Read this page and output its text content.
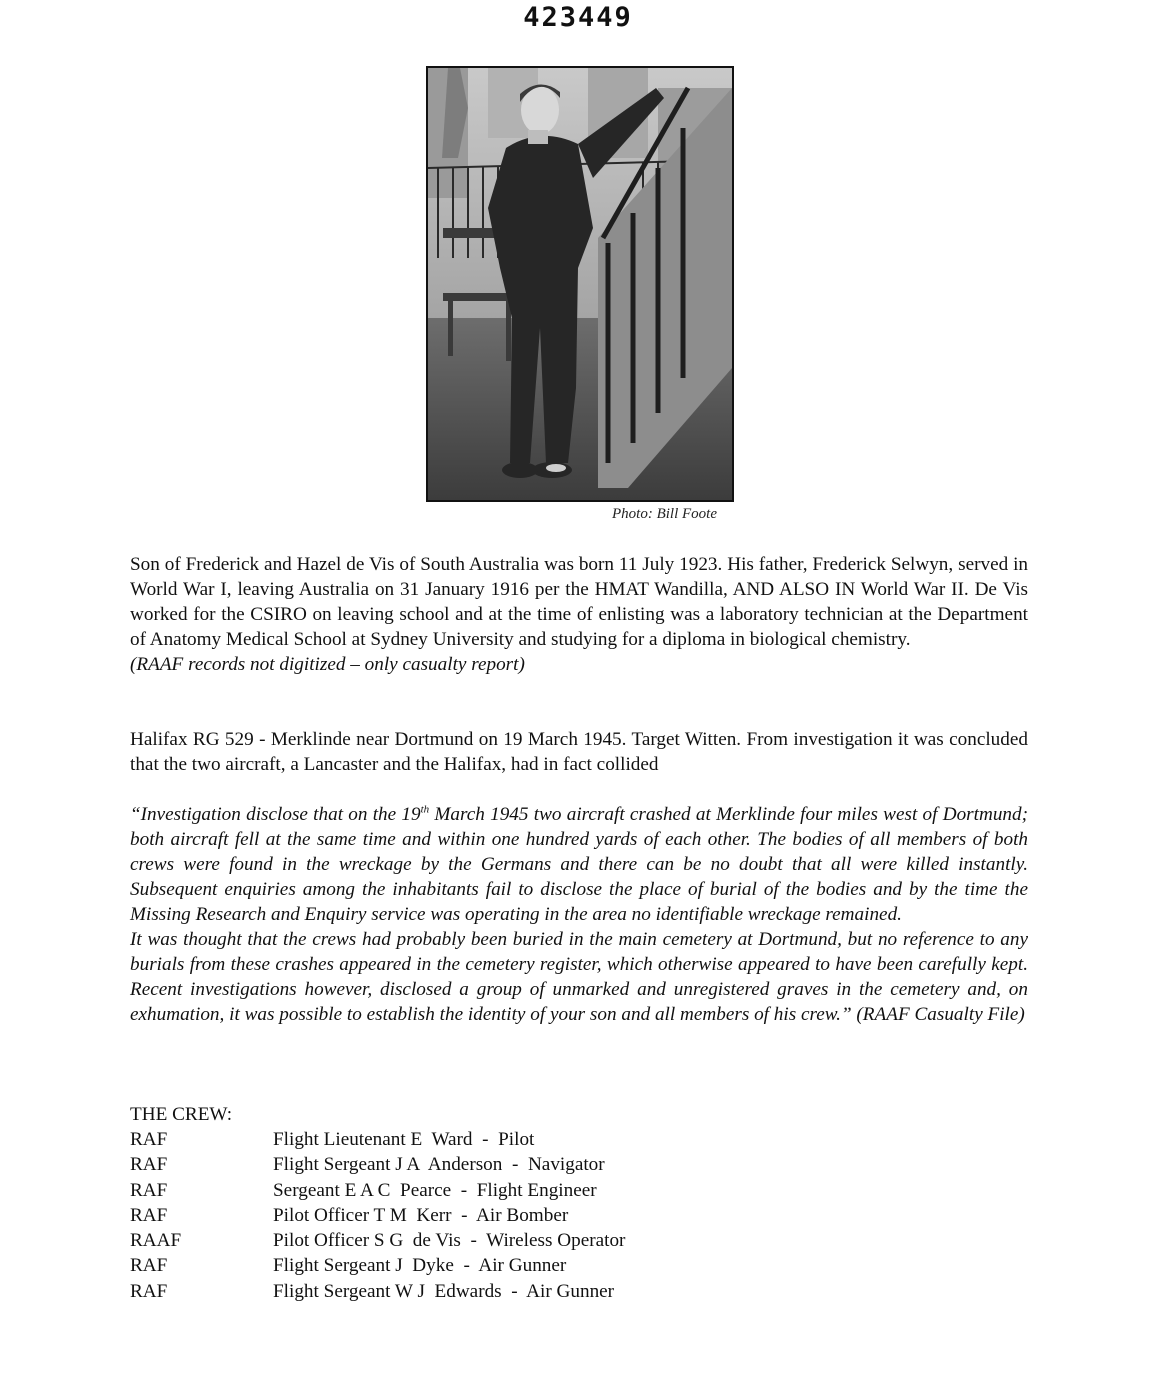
423449
Photo: Bill Foote

Son of Frederick and Hazel de Vis of South Australia was born 11 July 1923. His father, Frederick Selwyn, served in World War I, leaving Australia on 31 January 1916 per the HMAT Wandilla, AND ALSO IN World War II. De Vis worked for the CSIRO on leaving school and at the time of enlisting was a laboratory technician at the Department of Anatomy Medical School at Sydney University and studying for a diploma in biological chemistry.

(RAAF records not digitized – only casualty report)

Halifax RG 529 - Merklinde near Dortmund on 19 March 1945. Target Witten. From investigation it was concluded that the two aircraft, a Lancaster and the Halifax, had in fact collided

“Investigation disclose that on the 19th March 1945 two aircraft crashed at Merklinde four miles west of Dortmund; both aircraft fell at the same time and within one hundred yards of each other. The bodies of all members of both crews were found in the wreckage by the Germans and there can be no doubt that all were killed instantly. Subsequent enquiries among the inhabitants fail to disclose the place of burial of the bodies and by the time the Missing Research and Enquiry service was operating in the area no identifiable wreckage remained.

It was thought that the crews had probably been buried in the main cemetery at Dortmund, but no reference to any burials from these crashes appeared in the cemetery register, which otherwise appeared to have been carefully kept. Recent investigations however, disclosed a group of unmarked and unregistered graves in the cemetery and, on exhumation, it was possible to establish the identity of your son and all members of his crew.” (RAAF Casualty File)

THE CREW:
RAF	Flight Lieutenant E  Ward  -  Pilot
RAF	Flight Sergeant J A  Anderson  -  Navigator
RAF	Sergeant E A C  Pearce  -  Flight Engineer
RAF	Pilot Officer T M  Kerr  -  Air Bomber
RAAF	Pilot Officer S G  de Vis  -  Wireless Operator
RAF	Flight Sergeant J  Dyke  -  Air Gunner
RAF	Flight Sergeant W J  Edwards  -  Air Gunner
